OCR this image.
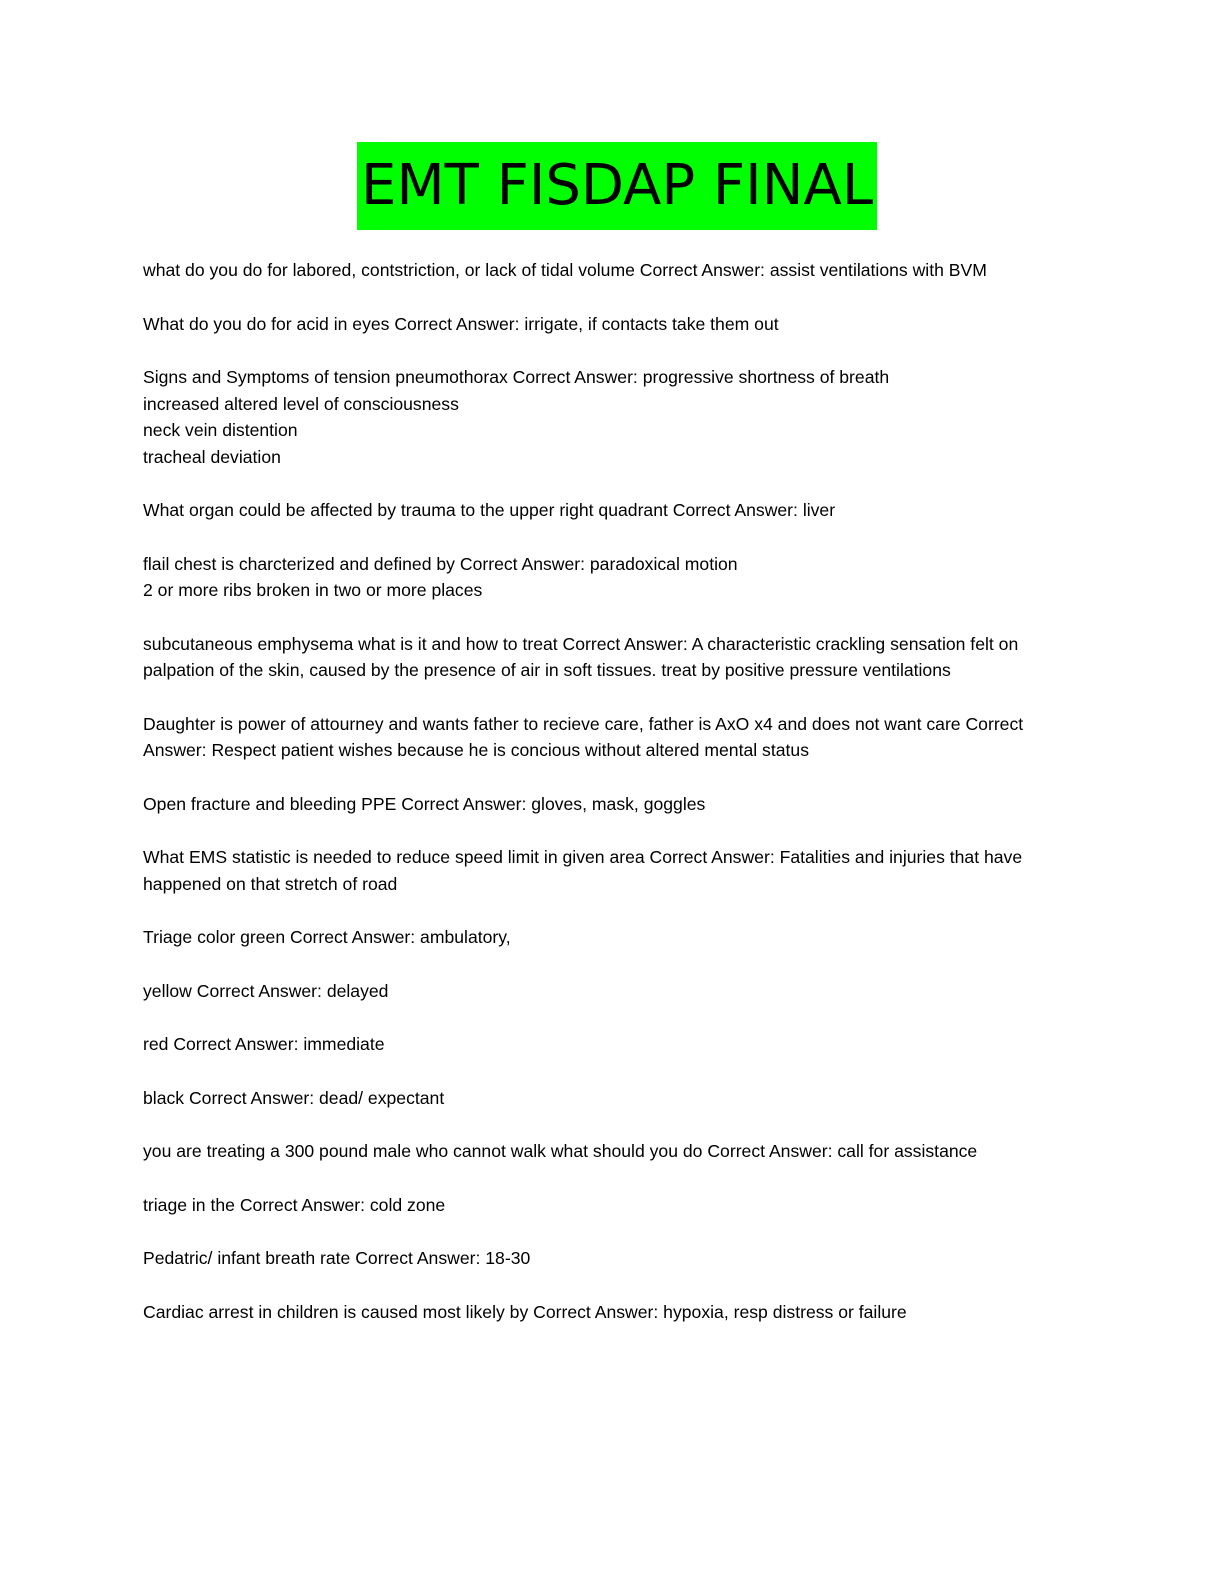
EMT FISDAP FINAL

what do you do for labored, contstriction, or lack of tidal volume Correct Answer: assist ventilations with BVM

What do you do for acid in eyes Correct Answer: irrigate, if contacts take them out

Signs and Symptoms of tension pneumothorax Correct Answer: progressive shortness of breath
increased altered level of consciousness
neck vein distention
tracheal deviation

What organ could be affected by trauma to the upper right quadrant Correct Answer: liver

flail chest is charcterized and defined by Correct Answer: paradoxical motion
2 or more ribs broken in two or more places

subcutaneous emphysema what is it and how to treat Correct Answer: A characteristic crackling sensation felt on palpation of the skin, caused by the presence of air in soft tissues. treat by positive pressure ventilations

Daughter is power of attourney and wants father to recieve care, father is AxO x4 and does not want care Correct Answer: Respect patient wishes because he is concious without altered mental status

Open fracture and bleeding PPE Correct Answer: gloves, mask, goggles

What EMS statistic is needed to reduce speed limit in given area Correct Answer: Fatalities and injuries that have happened on that stretch of road

Triage color green Correct Answer: ambulatory,

yellow Correct Answer: delayed

red Correct Answer: immediate

black Correct Answer: dead/ expectant

you are treating a 300 pound male who cannot walk what should you do Correct Answer: call for assistance

triage in the Correct Answer: cold zone

Pedatric/ infant breath rate Correct Answer: 18-30

Cardiac arrest in children is caused most likely by Correct Answer: hypoxia, resp distress or failure
